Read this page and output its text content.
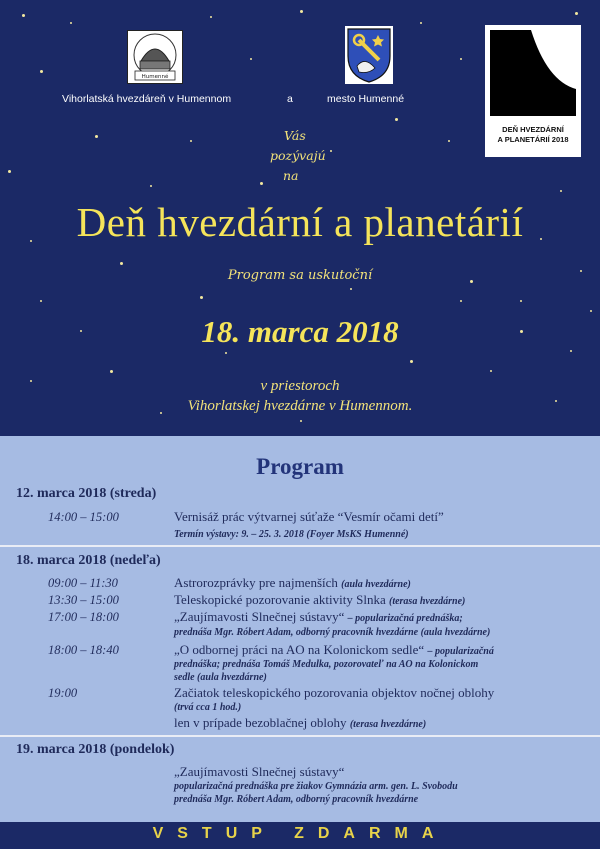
Humenné
DEŇ HVEZDÁRNÍ
A PLANETÁRIÍ 2018
Vihorlatská hvezdáreň v Humennom	a	mesto Humenné
Vás
pozývajú
na
Deň hvezdární a planetárií
Program sa uskutoční
18. marca 2018
v priestoroch
Vihorlatskej hvezdárne v Humennom.
Program
12. marca 2018 (streda)
14:00 – 15:00	Vernisáž prác výtvarnej súťaže “Vesmír očami detí”
Termín výstavy: 9. – 25. 3. 2018 (Foyer MsKS Humenné)
18. marca 2018 (nedeľa)
09:00 – 11:30	Astrorozprávky pre najmenších (aula hvezdárne)
13:30 – 15:00	Teleskopické pozorovanie aktivity Slnka (terasa hvezdárne)
17:00 – 18:00	„Zaujímavosti Slnečnej sústavy“ – popularizačná prednáška;
prednáša Mgr. Róbert Adam, odborný pracovník hvezdárne (aula hvezdárne)
18:00 – 18:40	„O odbornej práci na AO na Kolonickom sedle“ – popularizačná
prednáška; prednáša Tomáš Medulka, pozorovateľ na AO na Kolonickom
sedle (aula hvezdárne)
19:00	Začiatok teleskopického pozorovania objektov nočnej oblohy
(trvá cca 1 hod.)
len v prípade bezoblačnej oblohy (terasa hvezdárne)
19. marca 2018 (pondelok)
„Zaujímavosti Slnečnej sústavy“
popularizačná prednáška pre žiakov Gymnázia arm. gen. L. Svobodu
prednáša Mgr. Róbert Adam, odborný pracovník hvezdárne
VSTUP ZDARMA
